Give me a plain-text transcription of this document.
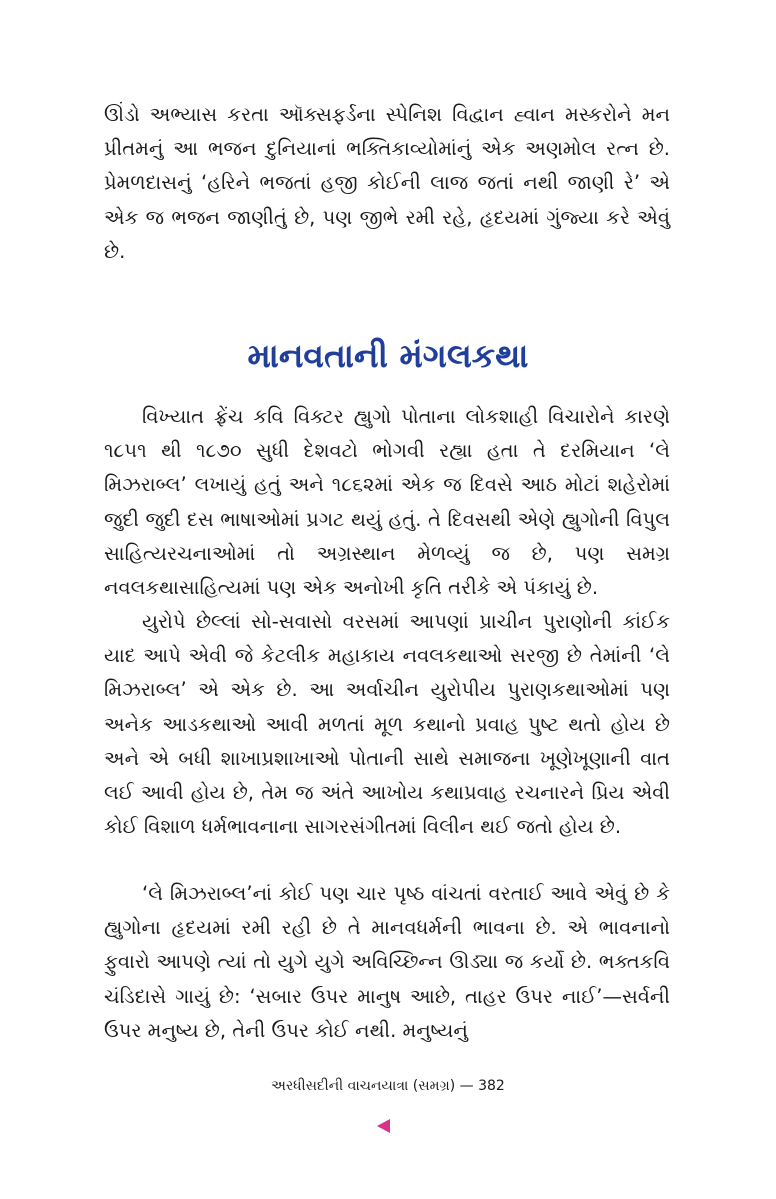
ઊંડો અભ્યાસ કરતા ઑક્સફર્ડના સ્પેનિશ વિદ્વાન હ્વાન મસ્કરોને મન પ્રીતમનું આ ભજન દુનિયાનાં ભક્તિકાવ્યોમાંનું એક અણમોલ રત્ન છે. પ્રેમળદાસનું ‘હરિને ભજતાં હજી કોઈની લાજ જતાં નથી જાણી રે’ એ એક જ ભજન જાણીતું છે, પણ જીભે રમી રહે, હૃદયમાં ગુંજ્યા કરે એવું છે.

માનવતાની મંગલકથા

વિખ્યાત ફ્રેંચ કવિ વિક્ટર હ્યુગો પોતાના લોકશાહી વિચારોને કારણે ૧૮૫૧ થી ૧૮૭૦ સુધી દેશવટો ભોગવી રહ્યા હતા તે દરમિયાન ‘લે મિઝરાબ્લ’ લખાયું હતું અને ૧૮૬૨માં એક જ દિવસે આઠ મોટાં શહેરોમાં જુદી જુદી દસ ભાષાઓમાં પ્રગટ થયું હતું. તે દિવસથી એણે હ્યુગોની વિપુલ સાહિત્યરચનાઓમાં તો અગ્રસ્થાન મેળવ્યું જ છે, પણ સમગ્ર નવલકથાસાહિત્યમાં પણ એક અનોખી કૃતિ તરીકે એ પંકાયું છે.

યુરોપે છેલ્લાં સો-સવાસો વરસમાં આપણાં પ્રાચીન પુરાણોની કાંઈક યાદ આપે એવી જે કેટલીક મહાકાય નવલકથાઓ સરજી છે તેમાંની ‘લે મિઝરાબ્લ’ એ એક છે. આ અર્વાચીન યુરોપીય પુરાણકથાઓમાં પણ અનેક આડકથાઓ આવી મળતાં મૂળ કથાનો પ્રવાહ પુષ્ટ થતો હોય છે અને એ બધી શાખાપ્રશાખાઓ પોતાની સાથે સમાજના ખૂણેખૂણાની વાત લઈ આવી હોય છે, તેમ જ અંતે આખોય કથાપ્રવાહ રચનારને પ્રિય એવી કોઈ વિશાળ ધર્મભાવનાના સાગરસંગીતમાં વિલીન થઈ જતો હોય છે.

‘લે મિઝરાબ્લ’નાં કોઈ પણ ચાર પૃષ્ઠ વાંચતાં વરતાઈ આવે એવું છે કે હ્યુગોના હૃદયમાં રમી રહી છે તે માનવધર્મની ભાવના છે. એ ભાવનાનો ફુવારો આપણે ત્યાં તો યુગે યુગે અવિચ્છિન્ન ઊડ્યા જ કર્યો છે. ભક્તકવિ ચંડિદાસે ગાયું છે: ‘સબાર ઉપર માનુષ આછે, તાહર ઉપર નાઈ’—સર્વની ઉપર મનુષ્ય છે, તેની ઉપર કોઈ નથી. મનુષ્યનું

અરધીસદીની વાચનયાત્રા (સમગ્ર) — 382
